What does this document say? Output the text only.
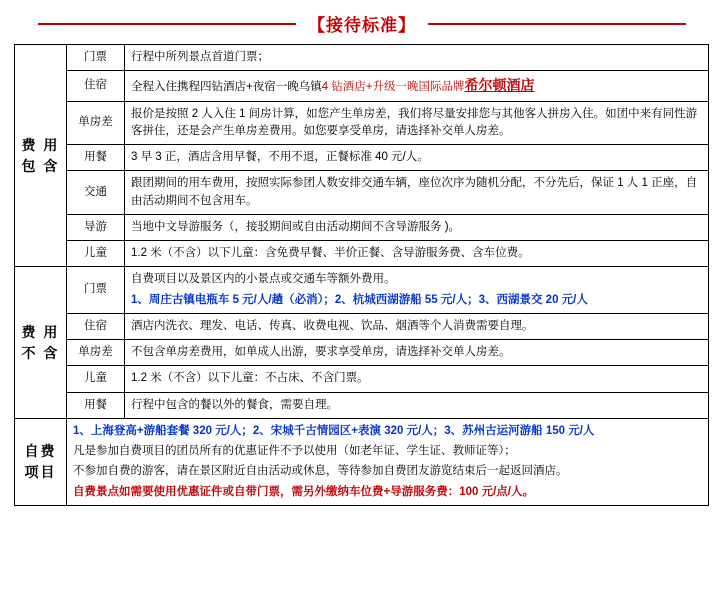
【接待标准】
费 用 包 含	门票	行程中所列景点首道门票；
	住宿	全程入住携程四钻酒店+夜宿一晚乌镇4 钻酒店+升级一晚国际品牌希尔顿酒店

	单房差	报价是按照 2 人入住 1 间房计算，如您产生单房差，我们将尽量安排您与其他客人拼房入住。如团中来有同性游客拼住，还是会产生单房差费用。如您要享受单房，请选择补交单人房差。
	用餐	3 早 3 正，酒店含用早餐，不用不退，正餐标准 40 元/人。
	交通	跟团期间的用车费用，按照实际参团人数安排交通车辆，座位次序为随机分配，不分先后，保证 1 人 1 正座，自由活动期间不包含用车。
	导游	当地中文导游服务（，接驳期间或自由活动期间不含导游服务 )。
	儿童	1.2 米（不含）以下儿童：含免费早餐、半价正餐、含导游服务费、含车位费。
费 用 不 含	门票	自费项目以及景区内的小景点或交通车等额外费用。

1、周庄古镇电瓶车 5 元/人/趟（必消）；2、杭城西湖游船 55 元/人；3、西湖景交 20 元/人

	住宿	酒店内洗衣、理发、电话、传真、收费电视、饮品、烟酒等个人消费需要自理。
	单房差	不包含单房差费用，如单成人出游，要求享受单房，请选择补交单人房差。
	儿童	1.2 米（不含）以下儿童：不占床、不含门票。
	用餐	行程中包含的餐以外的餐食，需要自理。
自费 项目	1、上海登高+游船套餐 320 元/人；2、宋城千古情园区+表演 320 元/人；3、苏州古运河游船 150 元/人

凡是参加自费项目的团员所有的优惠证件不予以使用（如老年证、学生证、教师证等）；

不参加自费的游客，请在景区附近自由活动或休息，等待参加自费团友游览结束后一起返回酒店。

自费景点如需要使用优惠证件或自带门票，需另外缴纳车位费+导游服务费：100 元/点/人。	
